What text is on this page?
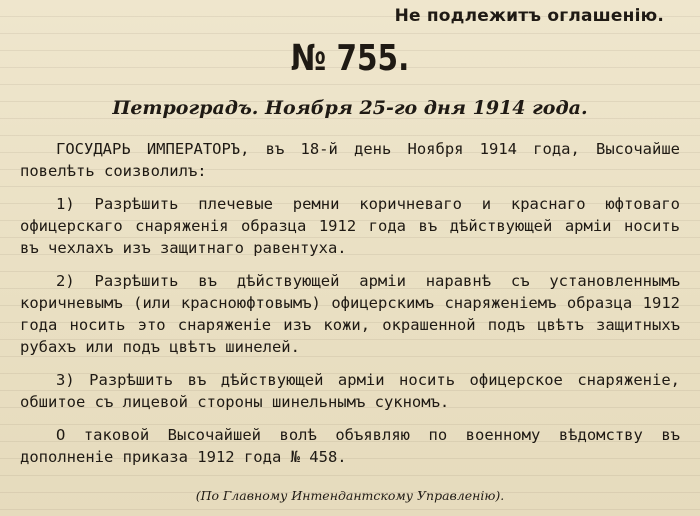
Не подлежитъ оглашенію.
№ 755.
Петроградъ. Ноября 25-го дня 1914 года.

ГОСУДАРЬ ИМПЕРАТОРЪ, въ 18-й день Ноября 1914 года, Высочайше повелѣть соизволилъ:

1) Разрѣшить плечевые ремни коричневаго и краснаго юфтоваго офицерскаго снаряженія образца 1912 года въ дѣйствующей арміи носить въ чехлахъ изъ защитнаго равентуха.

2) Разрѣшить въ дѣйствующей арміи наравнѣ съ установленнымъ коричневымъ (или красноюфтовымъ) офицерскимъ снаряженіемъ образца 1912 года носить это снаряженіе изъ кожи, окрашенной подъ цвѣтъ защитныхъ рубахъ или подъ цвѣтъ шинелей.

3) Разрѣшить въ дѣйствующей арміи носить офицерское снаряженіе, обшитое съ лицевой стороны шинельнымъ сукномъ.

О таковой Высочайшей волѣ объявляю по военному вѣдомству въ дополненіе приказа 1912 года № 458.

(По Главному Интендантскому Управленію).
